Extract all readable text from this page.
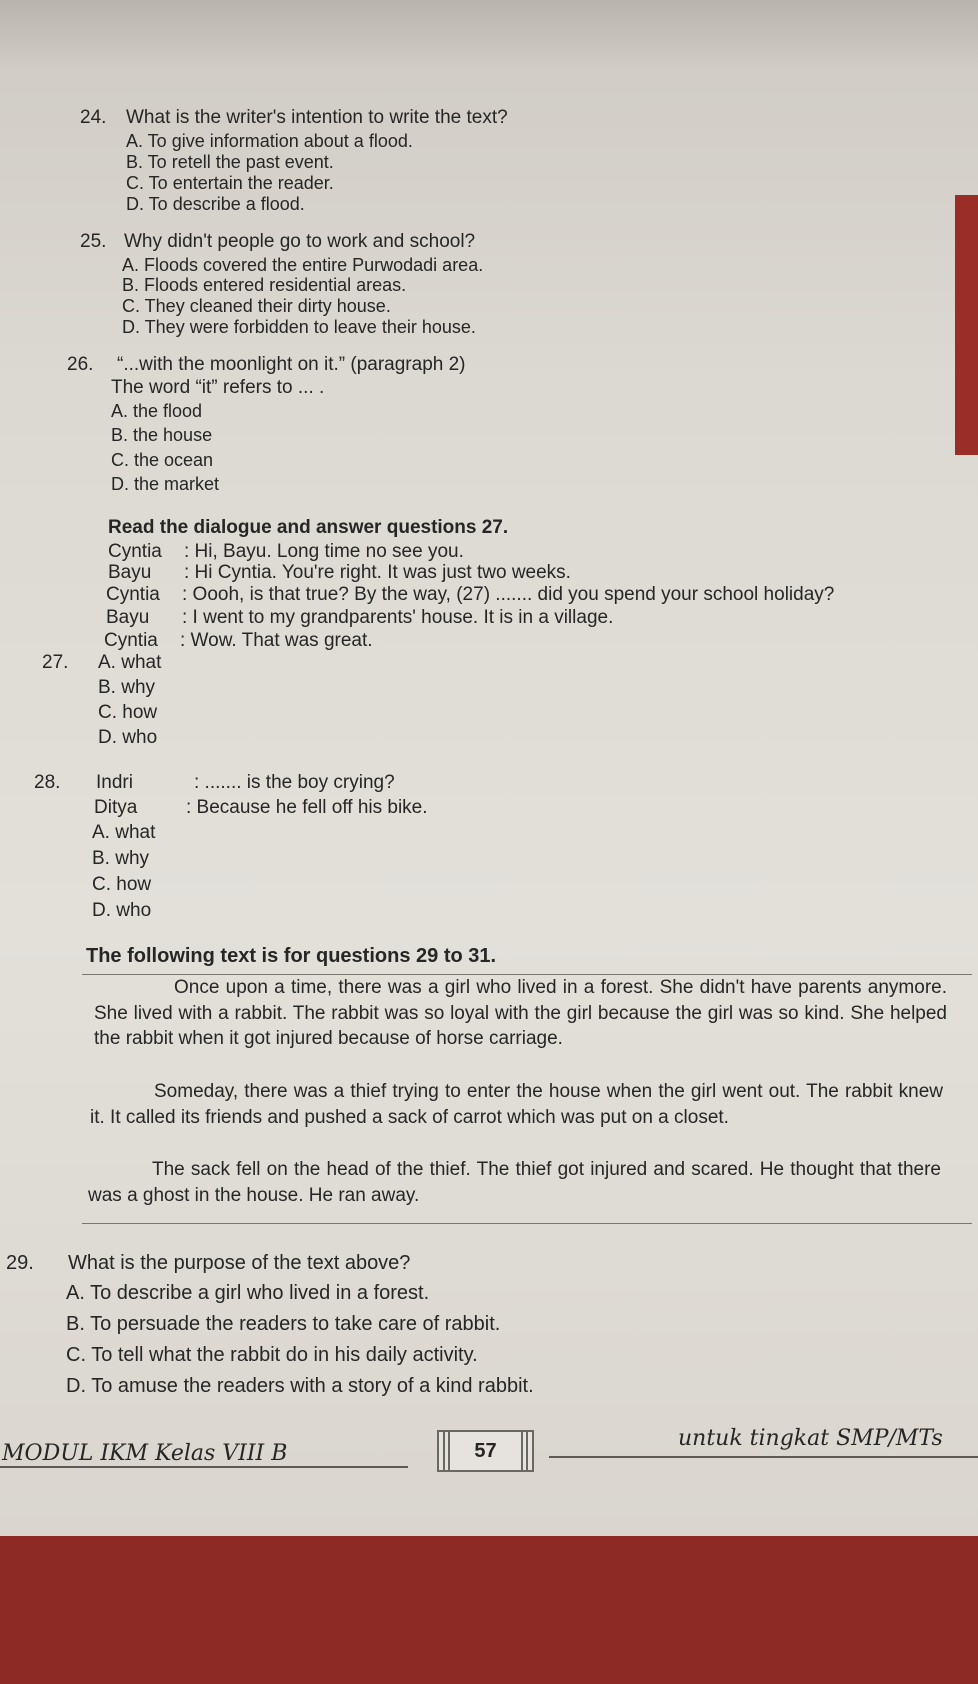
24. What is the writer's intention to write the text?
A. To give information about a flood.
B. To retell the past event.
C. To entertain the reader.
D. To describe a flood.
25. Why didn't people go to work and school?
A. Floods covered the entire Purwodadi area.
B. Floods entered residential areas.
C. They cleaned their dirty house.
D. They were forbidden to leave their house.
26. “...with the moonlight on it.” (paragraph 2)
The word “it” refers to ... .
A. the flood
B. the house
C. the ocean
D. the market
Read the dialogue and answer questions 27.
Cyntia : Hi, Bayu. Long time no see you.
Bayu : Hi Cyntia. You're right. It was just two weeks.
Cyntia : Oooh, is that true? By the way, (27) ....... did you spend your school holiday?
Bayu : I went to my grandparents' house. It is in a village.
Cyntia : Wow. That was great.
27. A. what
B. why
C. how
D. who
28. Indri	: ....... is the boy crying?
Ditya	: Because he fell off his bike.
A. what
B. why
C. how
D. who
The following text is for questions 29 to 31.

Once upon a time, there was a girl who lived in a forest. She didn't have parents anymore. She lived with a rabbit. The rabbit was so loyal with the girl because the girl was so kind. She helped the rabbit when it got injured because of horse carriage.

Someday, there was a thief trying to enter the house when the girl went out. The rabbit knew it. It called its friends and pushed a sack of carrot which was put on a closet.

The sack fell on the head of the thief. The thief got injured and scared. He thought that there was a ghost in the house. He ran away.

29. What is the purpose of the text above?
A. To describe a girl who lived in a forest.
B. To persuade the readers to take care of rabbit.
C. To tell what the rabbit do in his daily activity.
D. To amuse the readers with a story of a kind rabbit.
MODUL IKM Kelas VIII B	57	untuk tingkat SMP/MTs
